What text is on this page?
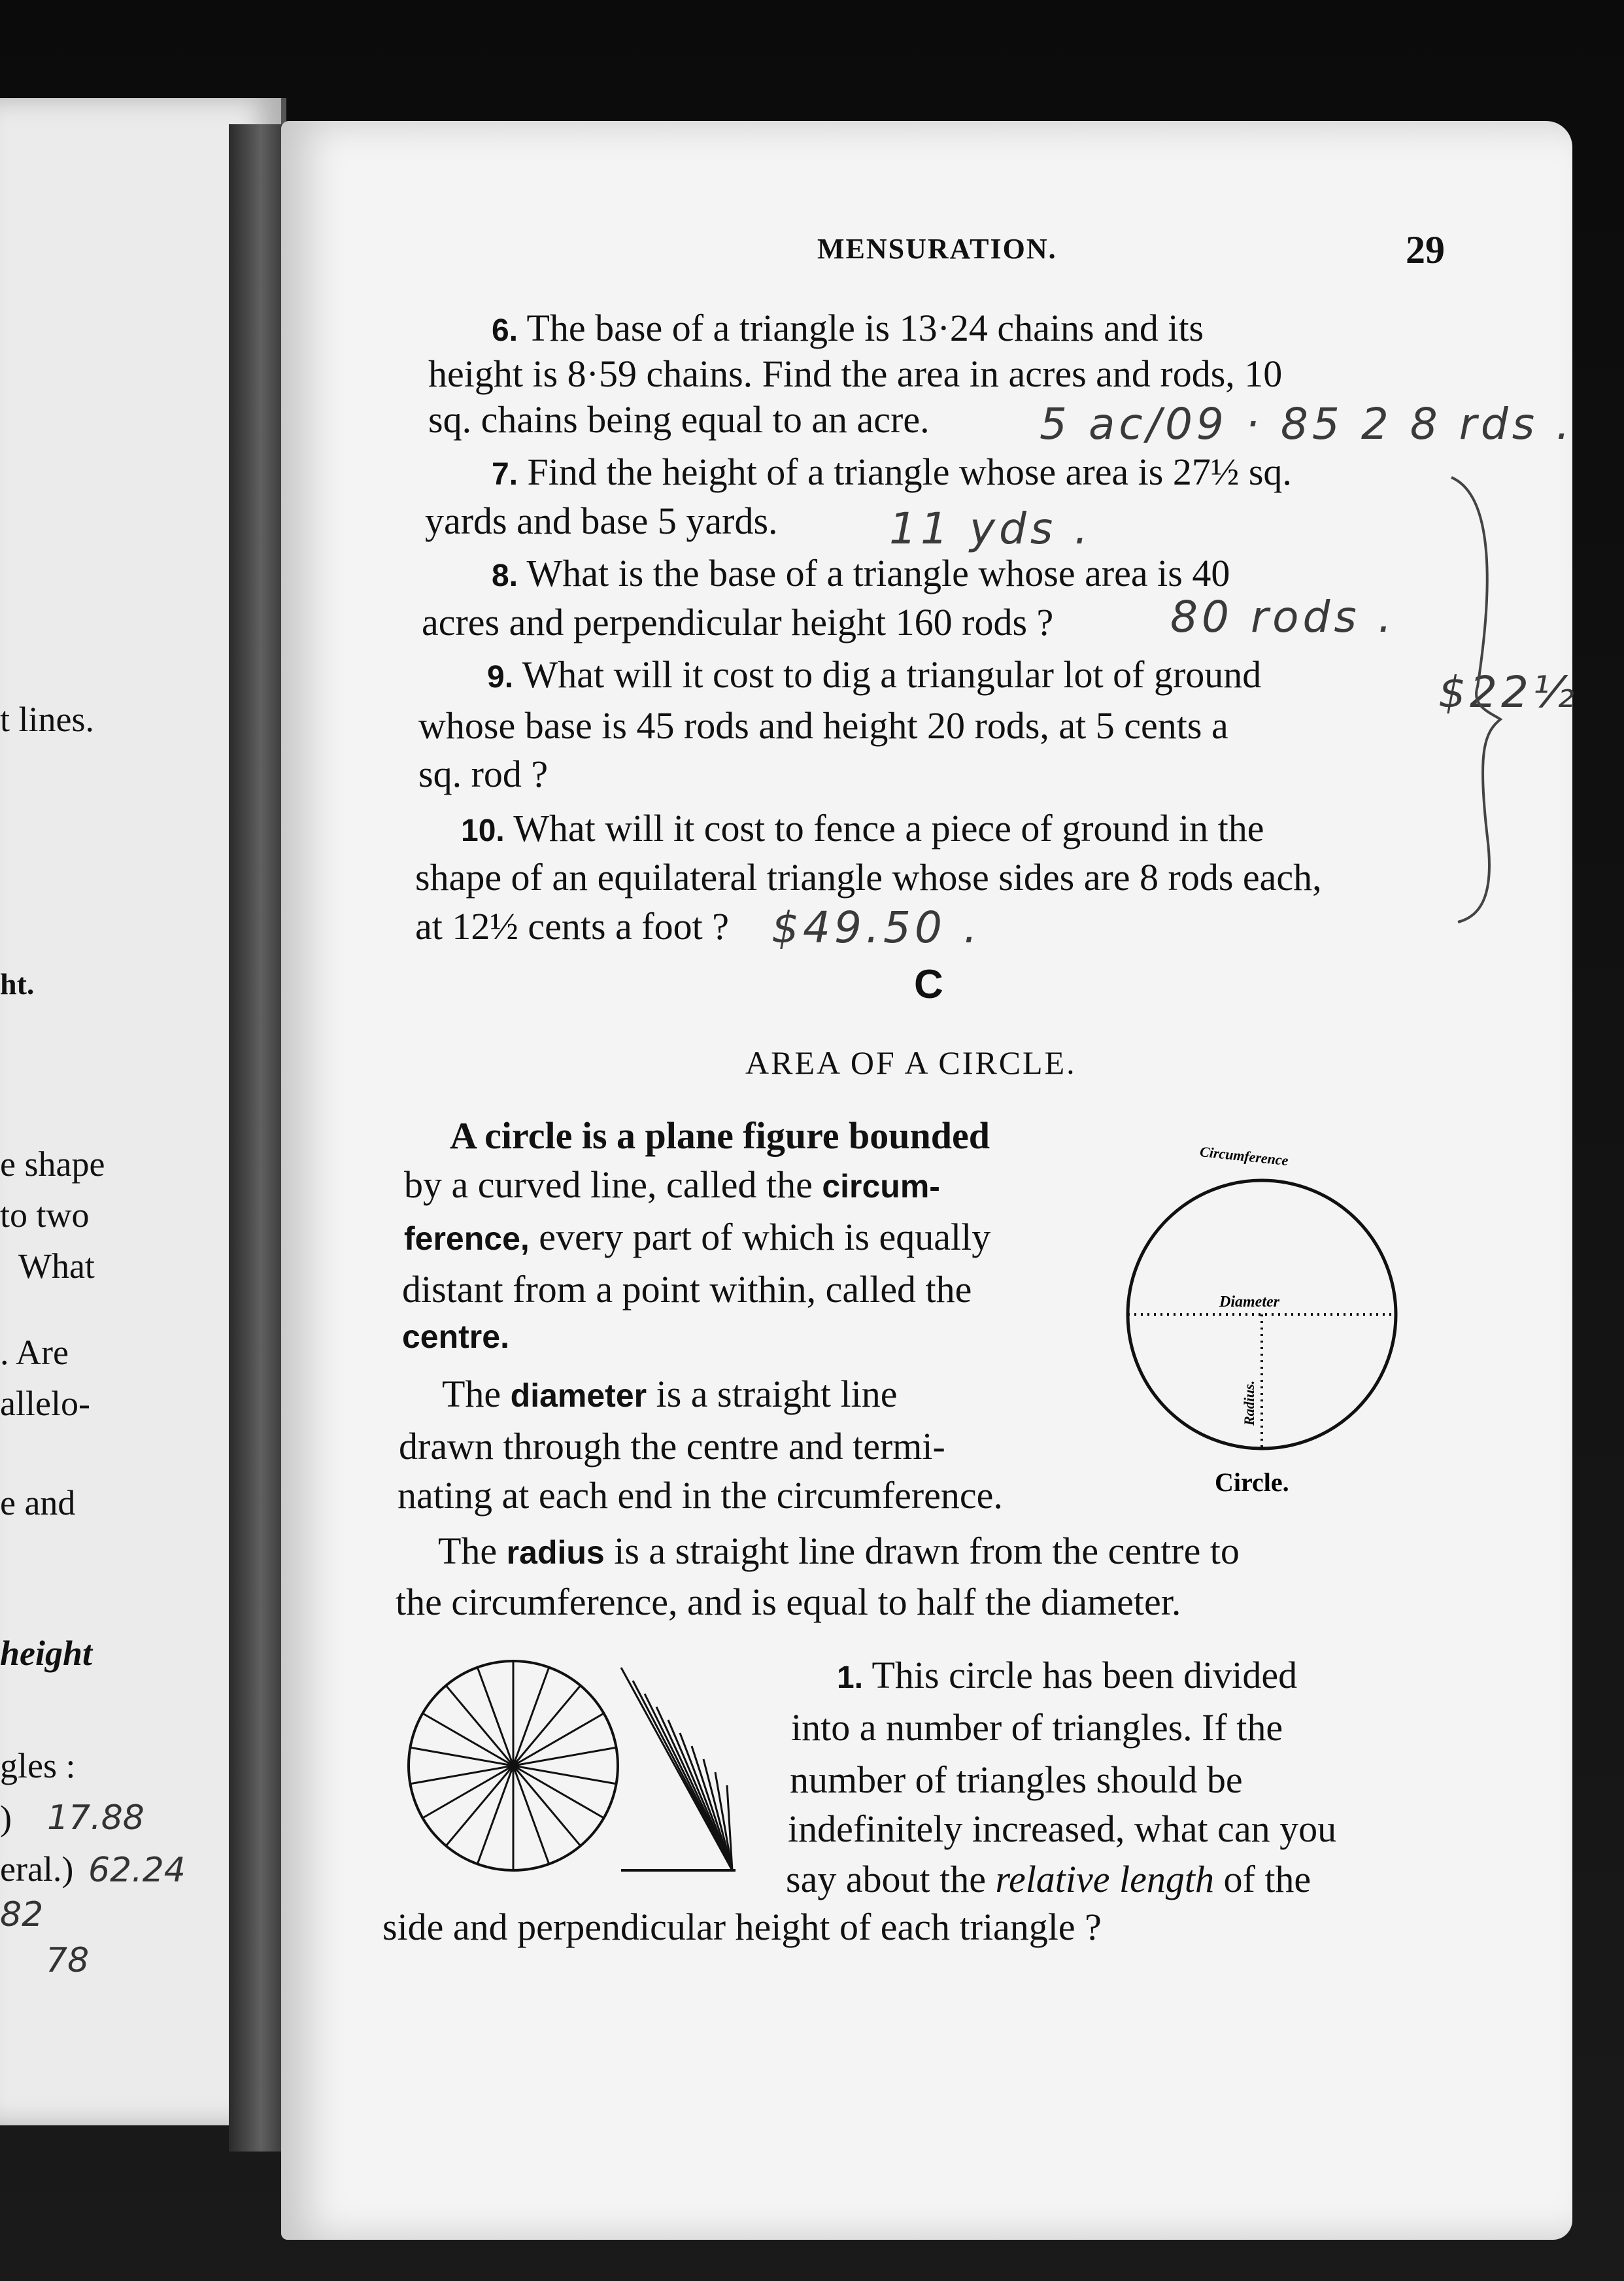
t lines.
ht.
e shape
to two
What
. Are
allelo-
e and
height
gles :
)
eral.)
17.88
62.24
82
78
MENSURATION.	29
6. The base of a triangle is 13·24 chains and its
height is 8·59 chains. Find the area in acres and rods, 10
sq. chains being equal to an acre.	5 ac/09 · 85 2 8 rds .
7. Find the height of a triangle whose area is 27½ sq.
yards and base 5 yards.	11 yds .
8. What is the base of a triangle whose area is 40
acres and perpendicular height 160 rods ?	80 rods .
9. What will it cost to dig a triangular lot of ground
whose base is 45 rods and height 20 rods, at 5 cents a
sq. rod ?
$22½
10. What will it cost to fence a piece of ground in the
shape of an equilateral triangle whose sides are 8 rods each,
at 12½ cents a foot ? $49.50 .
C
AREA OF A CIRCLE.
A circle is a plane figure bounded
by a curved line, called the circum-
ference, every part of which is equally
distant from a point within, called the
centre.
The diameter is a straight line
drawn through the centre and termi-
nating at each end in the circumference.
The radius is a straight line drawn from the centre to
the circumference, and is equal to half the diameter.
Circumference
Diameter
Radius.
Circle.
1. This circle has been divided
into a number of triangles. If the
number of triangles should be
indefinitely increased, what can you
say about the relative length of the
side and perpendicular height of each triangle ?
